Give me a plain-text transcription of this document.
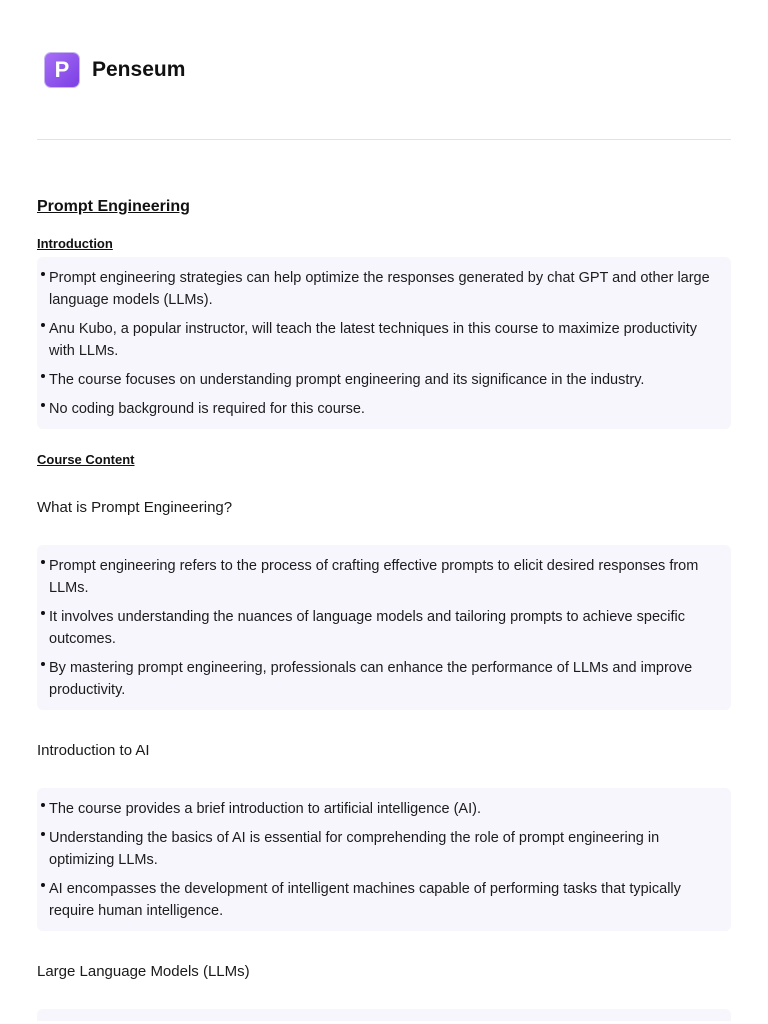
P Penseum
Prompt Engineering
Introduction
Prompt engineering strategies can help optimize the responses generated by chat GPT and other large language models (LLMs).
Anu Kubo, a popular instructor, will teach the latest techniques in this course to maximize productivity with LLMs.
The course focuses on understanding prompt engineering and its significance in the industry.
No coding background is required for this course.
Course Content
What is Prompt Engineering?
Prompt engineering refers to the process of crafting effective prompts to elicit desired responses from LLMs.
It involves understanding the nuances of language models and tailoring prompts to achieve specific outcomes.
By mastering prompt engineering, professionals can enhance the performance of LLMs and improve productivity.
Introduction to AI
The course provides a brief introduction to artificial intelligence (AI).
Understanding the basics of AI is essential for comprehending the role of prompt engineering in optimizing LLMs.
AI encompasses the development of intelligent machines capable of performing tasks that typically require human intelligence.
Large Language Models (LLMs)
